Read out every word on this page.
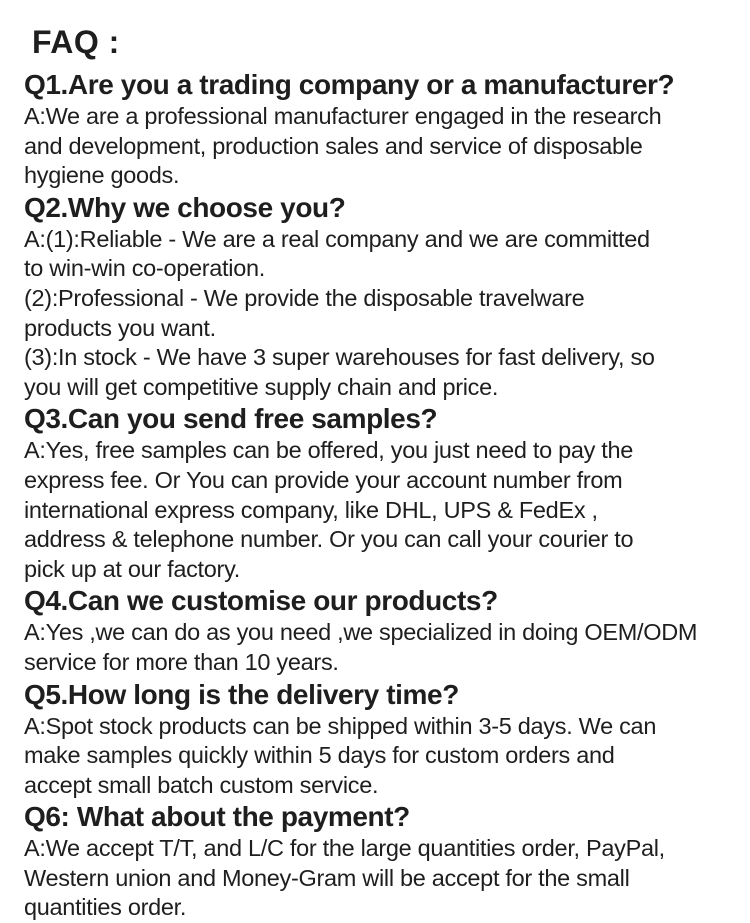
FAQ :
Q1.Are you a trading company or a manufacturer?
A:We are a professional manufacturer engaged in the research
and development, production sales and service of disposable
hygiene goods.
Q2.Why we choose you?
A:(1):Reliable - We are a real company and we are committed
to win-win co-operation.
(2):Professional - We provide the disposable travelware
products you want.
(3):In stock - We have 3 super warehouses for fast delivery, so
you will get competitive supply chain and price.
Q3.Can you send free samples?
A:Yes, free samples can be offered, you just need to pay the
express fee. Or You can provide your account number from
international express company, like DHL, UPS & FedEx ,
address & telephone number. Or you can call your courier to
pick up at our factory.
Q4.Can we customise our products?
A:Yes ,we can do as you need ,we specialized in doing OEM/ODM
service for more than 10 years.
Q5.How long is the delivery time?
A:Spot stock products can be shipped within 3-5 days. We can
make samples quickly within 5 days for custom orders and
accept small batch custom service.
Q6: What about the payment?
A:We accept T/T, and L/C for the large quantities order, PayPal,
Western union and Money-Gram will be accept for the small
quantities order.
